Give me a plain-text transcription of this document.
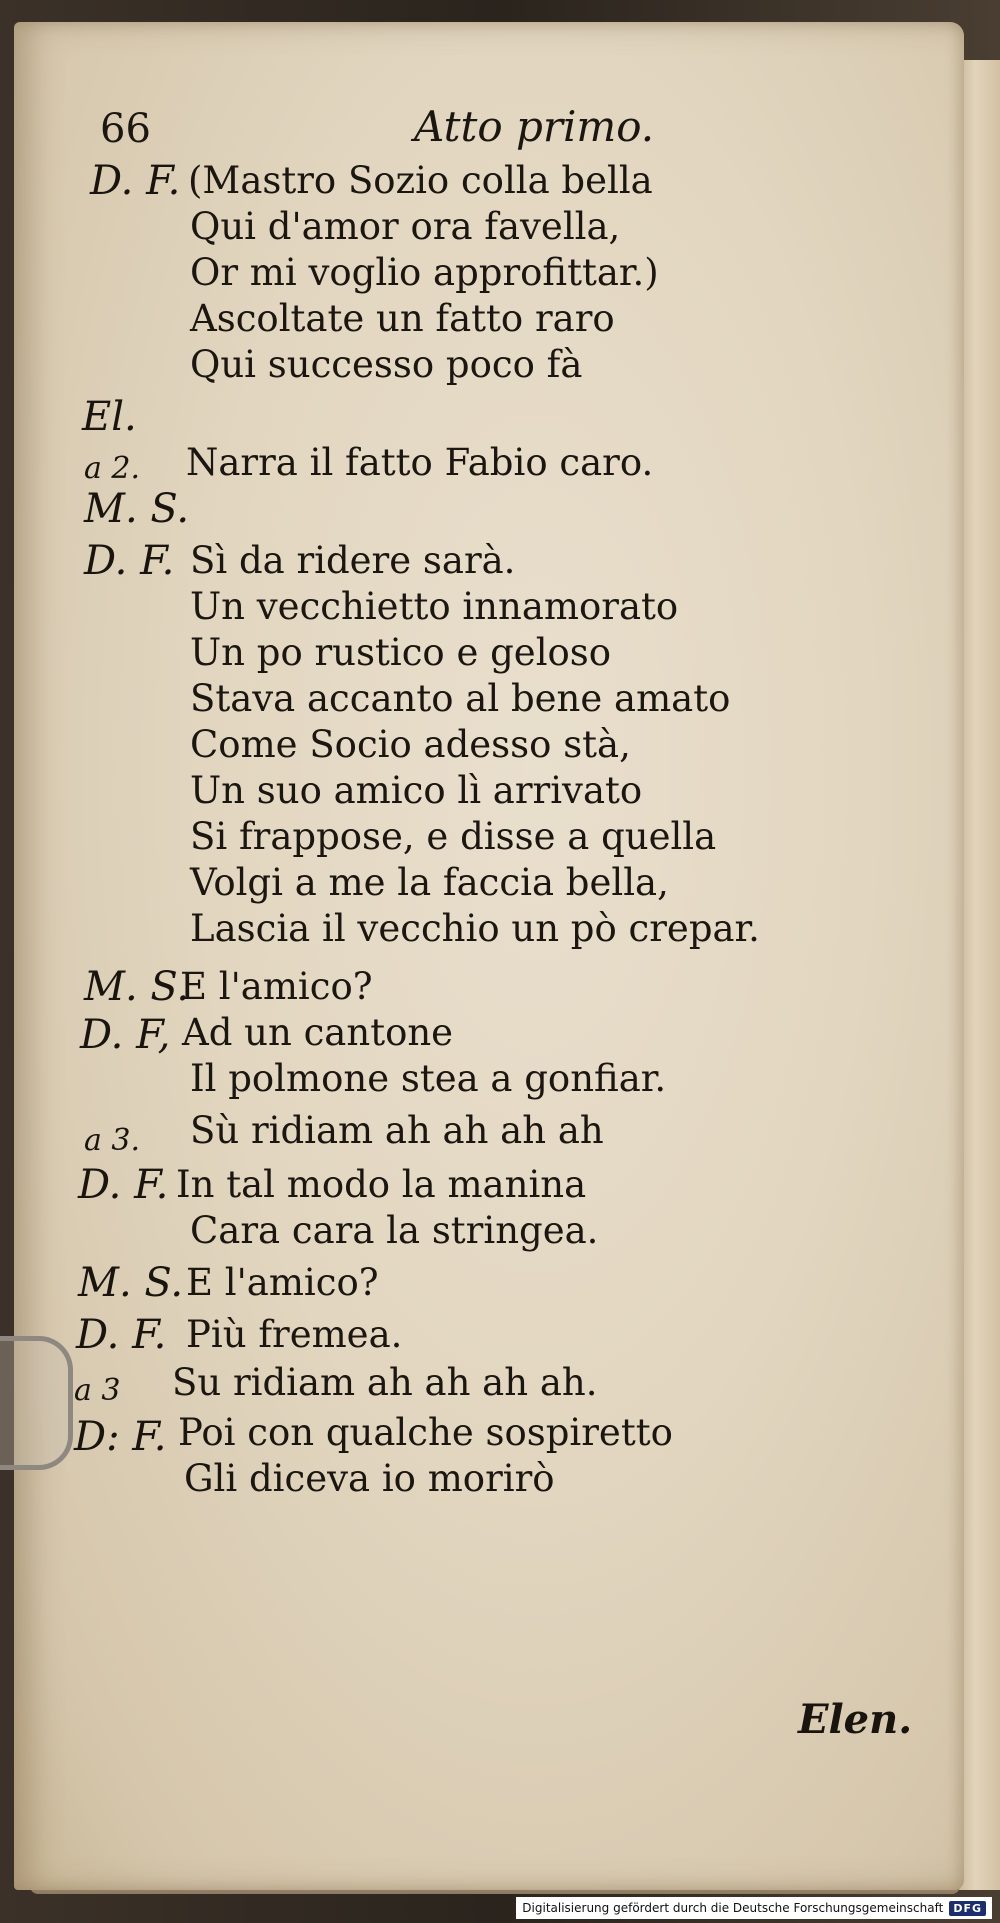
66	Atto primo.
D. F. (Mastro Sozio colla bella
Qui d'amor ora favella,
Or mi voglio approfittar.)
Ascoltate un fatto raro
Qui successo poco fà
El.
a 2. Narra il fatto Fabio caro.
M. S.
D. F. Sì da ridere sarà.
Un vecchietto innamorato
Un po rustico e geloso
Stava accanto al bene amato
Come Socio adesso stà,
Un suo amico lì arrivato
Si frappose, e disse a quella
Volgi a me la faccia bella,
Lascia il vecchio un pò crepar.
M. S.
E l'amico?
D. F, Ad un cantone
Il polmone stea a gonfiar.
a 3. Sù ridiam ah ah ah ah
D. F. In tal modo la manina
Cara cara la stringea.
M. S. E l'amico?
D. F. Più fremea.
a 3 Su ridiam ah ah ah ah.
D: F. Poi con qualche sospiretto
Gli diceva io morirò
Elen.
Digitalisierung gefördert durch die Deutsche Forschungsgemeinschaft DFG
